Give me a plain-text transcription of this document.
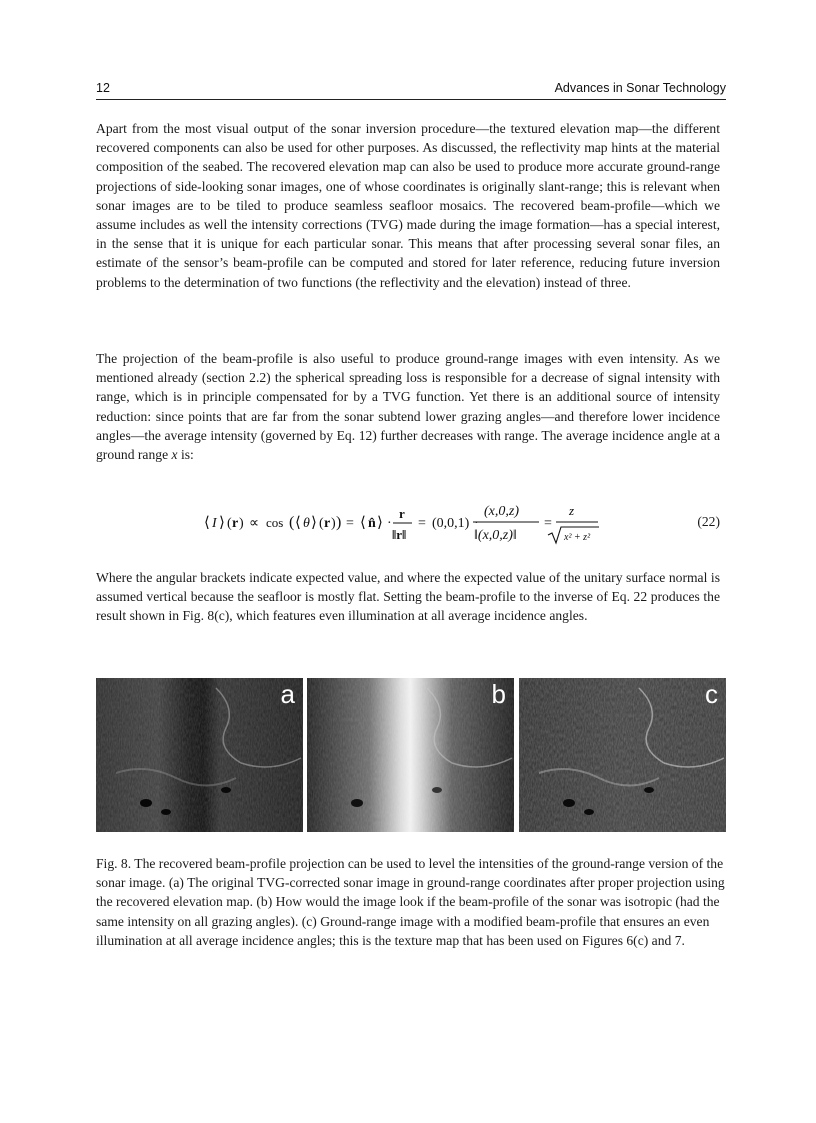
12	Advances in Sonar Technology

Apart from the most visual output of the sonar inversion procedure—the textured elevation map—the different recovered components can also be used for other purposes. As discussed, the reflectivity map hints at the material composition of the seabed. The recovered elevation map can also be used to produce more accurate ground-range projections of side-looking sonar images, one of whose coordinates is originally slant-range; this is relevant when sonar images are to be tiled to produce seamless seafloor mosaics. The recovered beam-profile—which we assume includes as well the intensity corrections (TVG) made during the image formation—has a special interest, in the sense that it is unique for each particular sonar. This means that after processing several sonar files, an estimate of the sensor’s beam-profile can be computed and stored for later reference, reducing future inversion problems to the determination of two functions (the reflectivity and the elevation) instead of three.

The projection of the beam-profile is also useful to produce ground-range images with even intensity. As we mentioned already (section 2.2) the spherical spreading loss is responsible for a decrease of signal intensity with range, which is in principle compensated for by a TVG function. Yet there is an additional source of intensity reduction: since points that are far from the sonar subtend lower grazing angles—and therefore lower incidence angles—the average intensity (governed by Eq. 12) further decreases with range. The average incidence angle at a ground range x is:

⟨ I ⟩ ( r ) ∝ cos ( ⟨ θ ⟩ ( r ) ) = ⟨ n̂ ⟩ ·
r
‖r‖
= (0,0,1) ·
(x,0,z)
‖(x,0,z)‖
=
z
x² + z²
(22)

Where the angular brackets indicate expected value, and where the expected value of the unitary surface normal is assumed vertical because the seafloor is mostly flat. Setting the beam-profile to the inverse of Eq. 22 produces the result shown in Fig. 8(c), which features even illumination at all average incidence angles.

a	b	c

Fig. 8. The recovered beam-profile projection can be used to level the intensities of the ground-range version of the sonar image. (a) The original TVG-corrected sonar image in ground-range coordinates after proper projection using the recovered elevation map. (b) How would the image look if the beam-profile of the sonar was isotropic (had the same intensity on all grazing angles). (c) Ground-range image with a modified beam-profile that ensures an even illumination at all average incidence angles; this is the texture map that has been used on Figures 6(c) and 7.
